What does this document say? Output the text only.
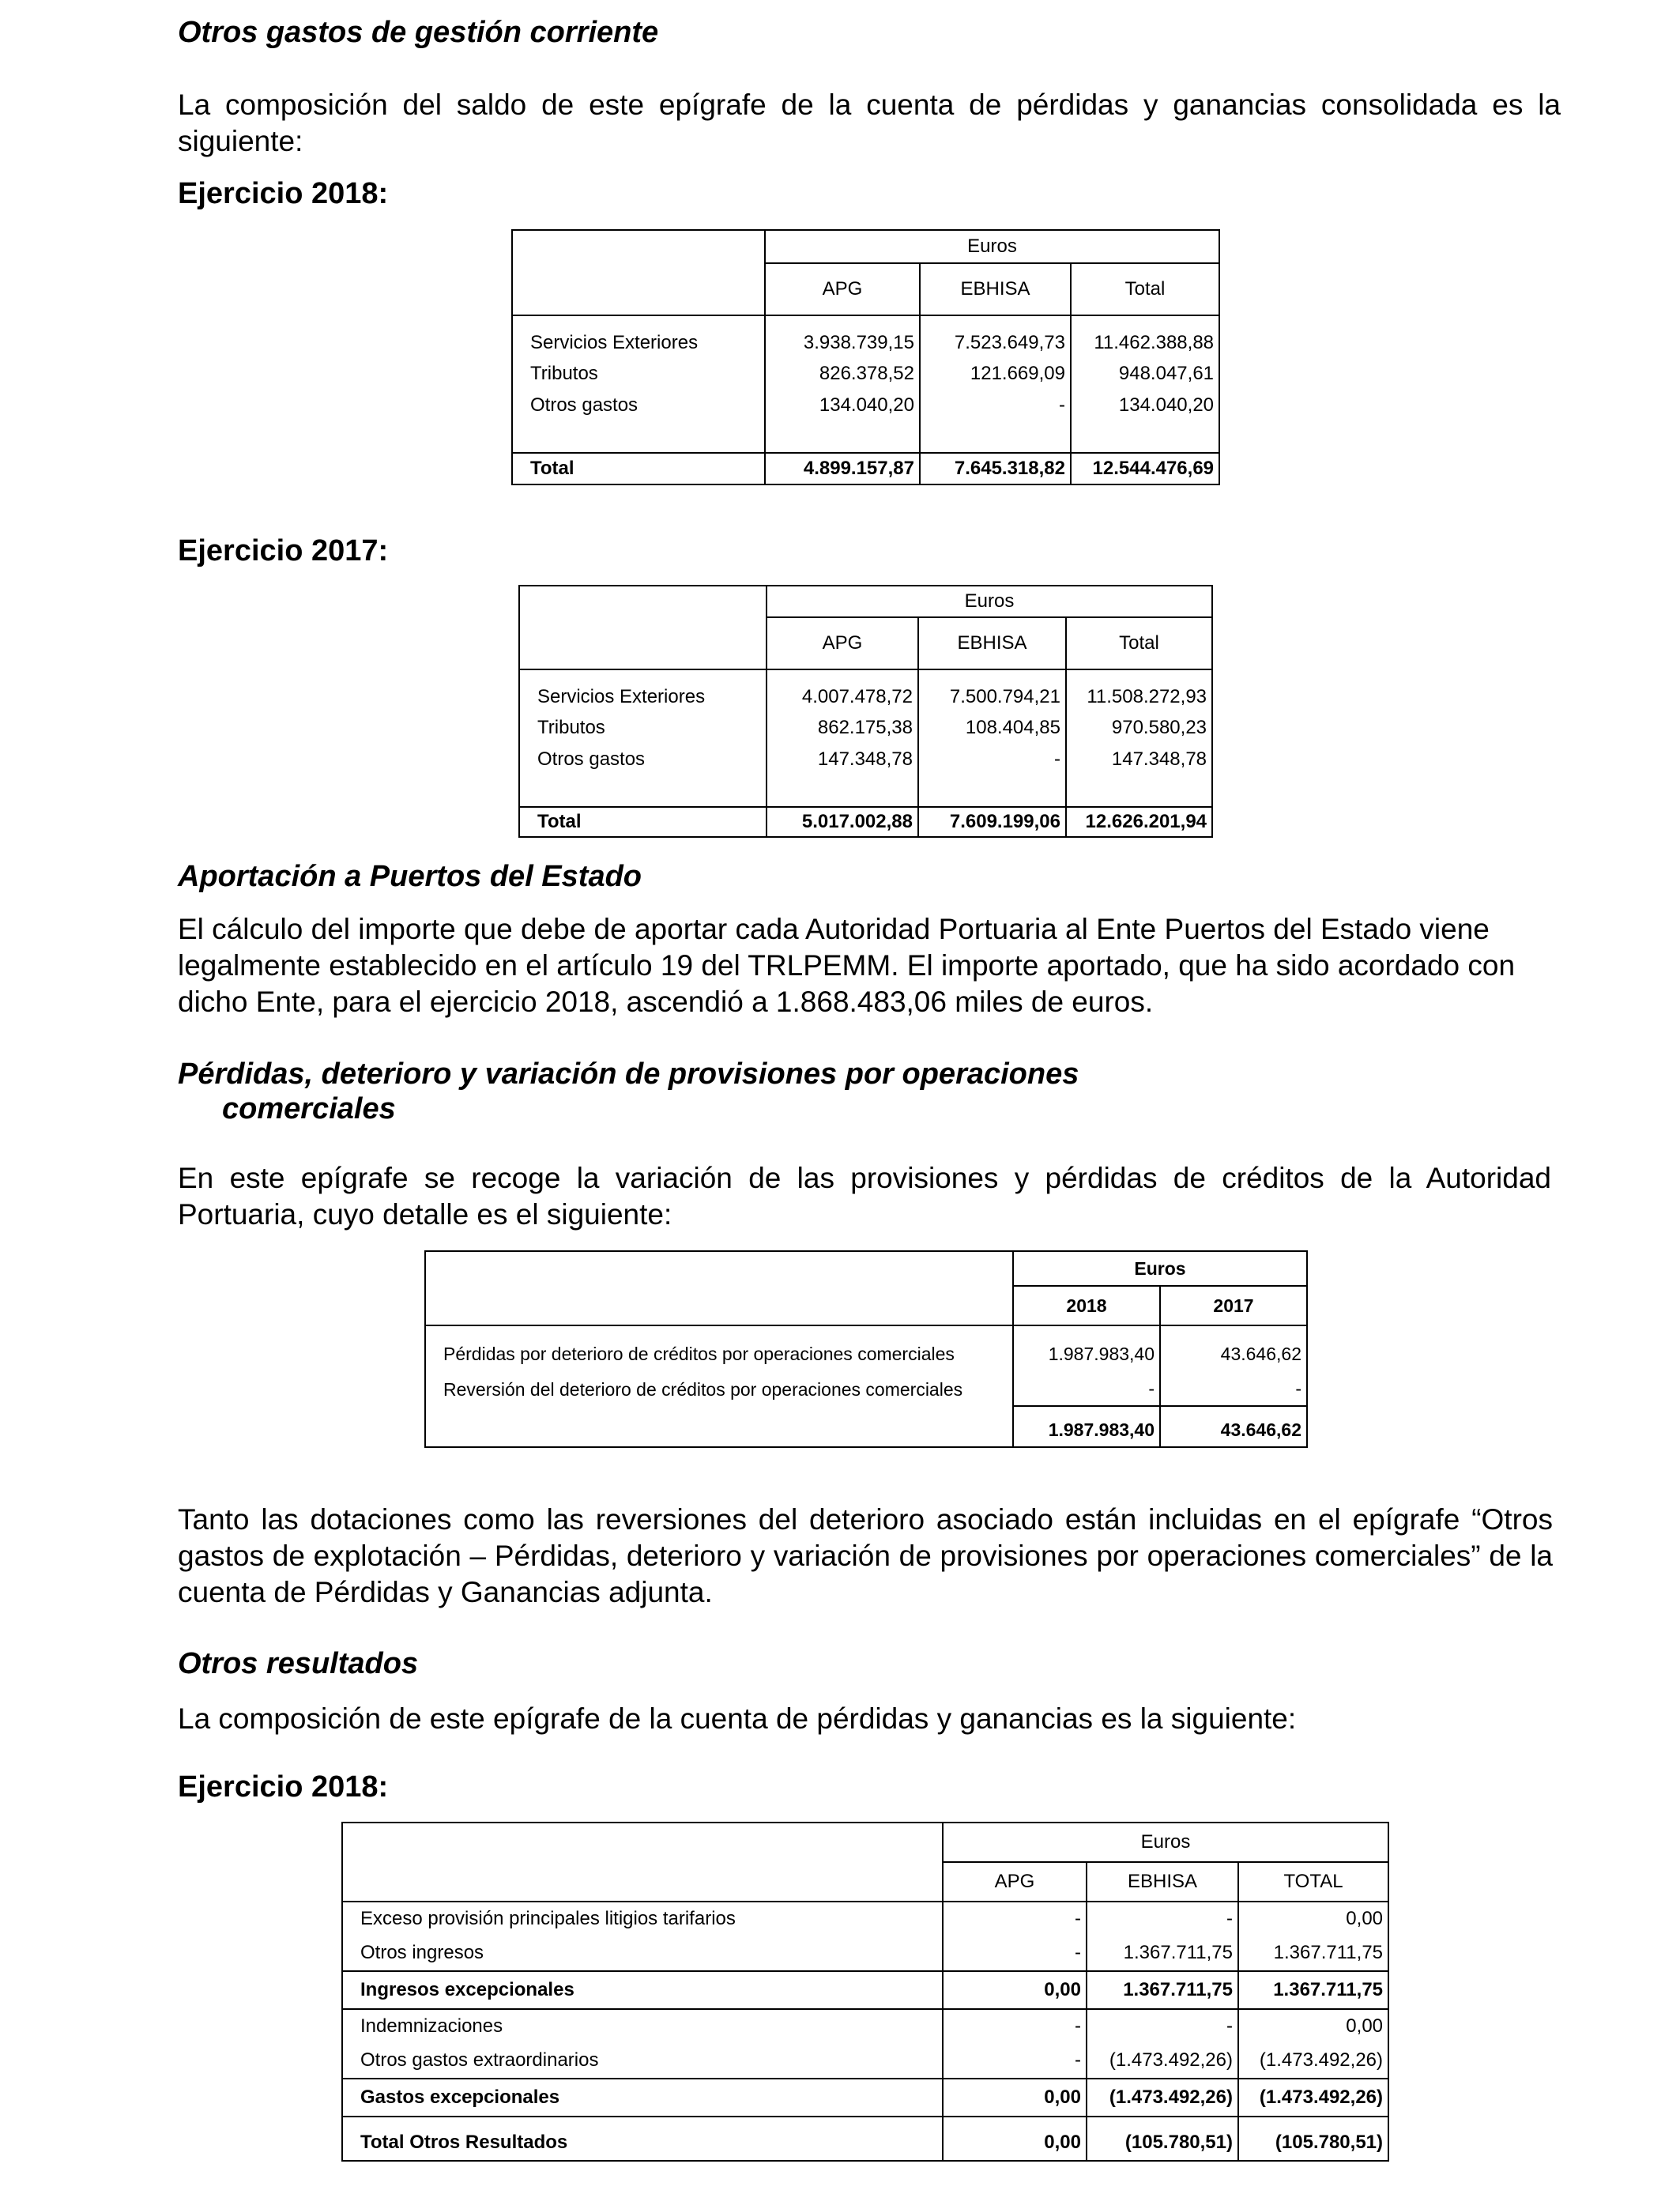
Otros gastos de gestión corriente
La composición del saldo de este epígrafe de la cuenta de pérdidas y ganancias consolidada es la siguiente:
Ejercicio 2018:
	Euros		
	APG	EBHISA	Total
Servicios Exteriores	3.938.739,15	7.523.649,73	11.462.388,88
Tributos	826.378,52	121.669,09	948.047,61
Otros gastos	134.040,20	-	134.040,20

Total	4.899.157,87	7.645.318,82	12.544.476,69
Ejercicio 2017:
	Euros		
	APG	EBHISA	Total
Servicios Exteriores	4.007.478,72	7.500.794,21	11.508.272,93
Tributos	862.175,38	108.404,85	970.580,23
Otros gastos	147.348,78	-	147.348,78

Total	5.017.002,88	7.609.199,06	12.626.201,94
Aportación a Puertos del Estado
El cálculo del importe que debe de aportar cada Autoridad Portuaria al Ente Puertos del Estado viene
legalmente establecido en el artículo 19 del TRLPEMM. El importe aportado, que ha sido acordado con
dicho Ente, para el ejercicio 2018, ascendió a 1.868.483,06 miles de euros.
Pérdidas, deterioro y variación de provisiones por operaciones
comerciales
En este epígrafe se recoge la variación de las provisiones y pérdidas de créditos de la Autoridad Portuaria, cuyo detalle es el siguiente:
	Euros	
	2018	2017
Pérdidas por deterioro de créditos por operaciones comerciales	1.987.983,40	43.646,62
Reversión del deterioro de créditos por operaciones comerciales	-	-
	1.987.983,40	43.646,62
Tanto las dotaciones como las reversiones del deterioro asociado están incluidas en el epígrafe “Otros gastos de explotación – Pérdidas, deterioro y variación de provisiones por operaciones comerciales” de la cuenta de Pérdidas y Ganancias adjunta.
Otros resultados
La composición de este epígrafe de la cuenta de pérdidas y ganancias es la siguiente:
Ejercicio 2018:
	Euros		
	APG	EBHISA	TOTAL
Exceso provisión principales litigios tarifarios	-	-	0,00
Otros ingresos	-	1.367.711,75	1.367.711,75
Ingresos excepcionales	0,00	1.367.711,75	1.367.711,75
Indemnizaciones	-	-	0,00
Otros gastos extraordinarios	-	(1.473.492,26)	(1.473.492,26)
Gastos excepcionales	0,00	(1.473.492,26)	(1.473.492,26)
Total Otros Resultados	0,00	(105.780,51)	(105.780,51)
